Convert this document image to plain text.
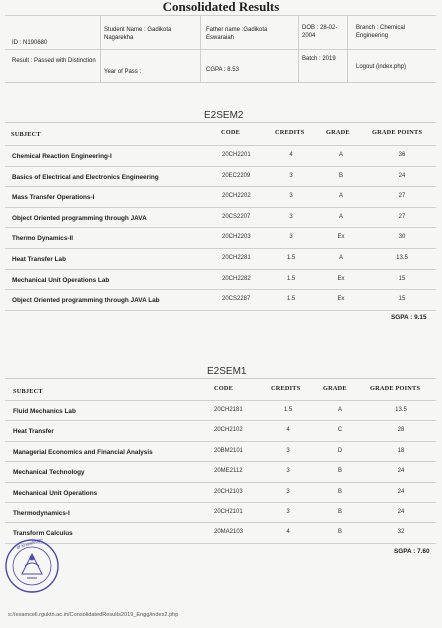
Consolidated Results
ID : N190680
Student Name : Gadikota Nagarekha
Father name :Gadikota Eswaraiah
DOB : 28-02-2004
Branch : Chemical Engineering
Result : Passed with Distinction
Year of Pass :	CGPA : 8.53
Batch : 2019
Logout (index.php)
E2SEM2
SUBJECT	CODE	CREDITS	GRADE	GRADE POINTS
Chemical Reaction Engineering-I	20CH2201	4	A	36
Basics of Electrical and Electronics Engineering	20EC2209	3	B	24
Mass Transfer Operations-I	20CH2202	3	A	27
Object Oriented programming through JAVA	20CS2207	3	A	27
Thermo Dynamics-II	20CH2203	3	Ex	30
Heat Transfer Lab	20CH2281	1.5	A	13.5
Mechanical Unit Operations Lab	20CH2282	1.5	Ex	15
Object Oriented programming through JAVA Lab	20CS2287	1.5	Ex	15
SGPA : 9.15
E2SEM1
SUBJECT	CODE	CREDITS	GRADE	GRADE POINTS
Fluid Mechanics Lab	20CH2181	1.5	A	13.5
Heat Transfer	20CH2102	4	C	28
Managerial Economics and Financial Analysis	20BM2101	3	D	18
Mechanical Technology	20ME2112	3	B	24
Mechanical Unit Operations	20CH2103	3	B	24
Thermodynamics-I	20CH2101	3	B	24
Transform Calculus	20MA2103	4	B	32
SGPA : 7.60
of Knowledge
s://examcell.rguktn.ac.in/ConsolidatedResults2019_Engg/index2.php
